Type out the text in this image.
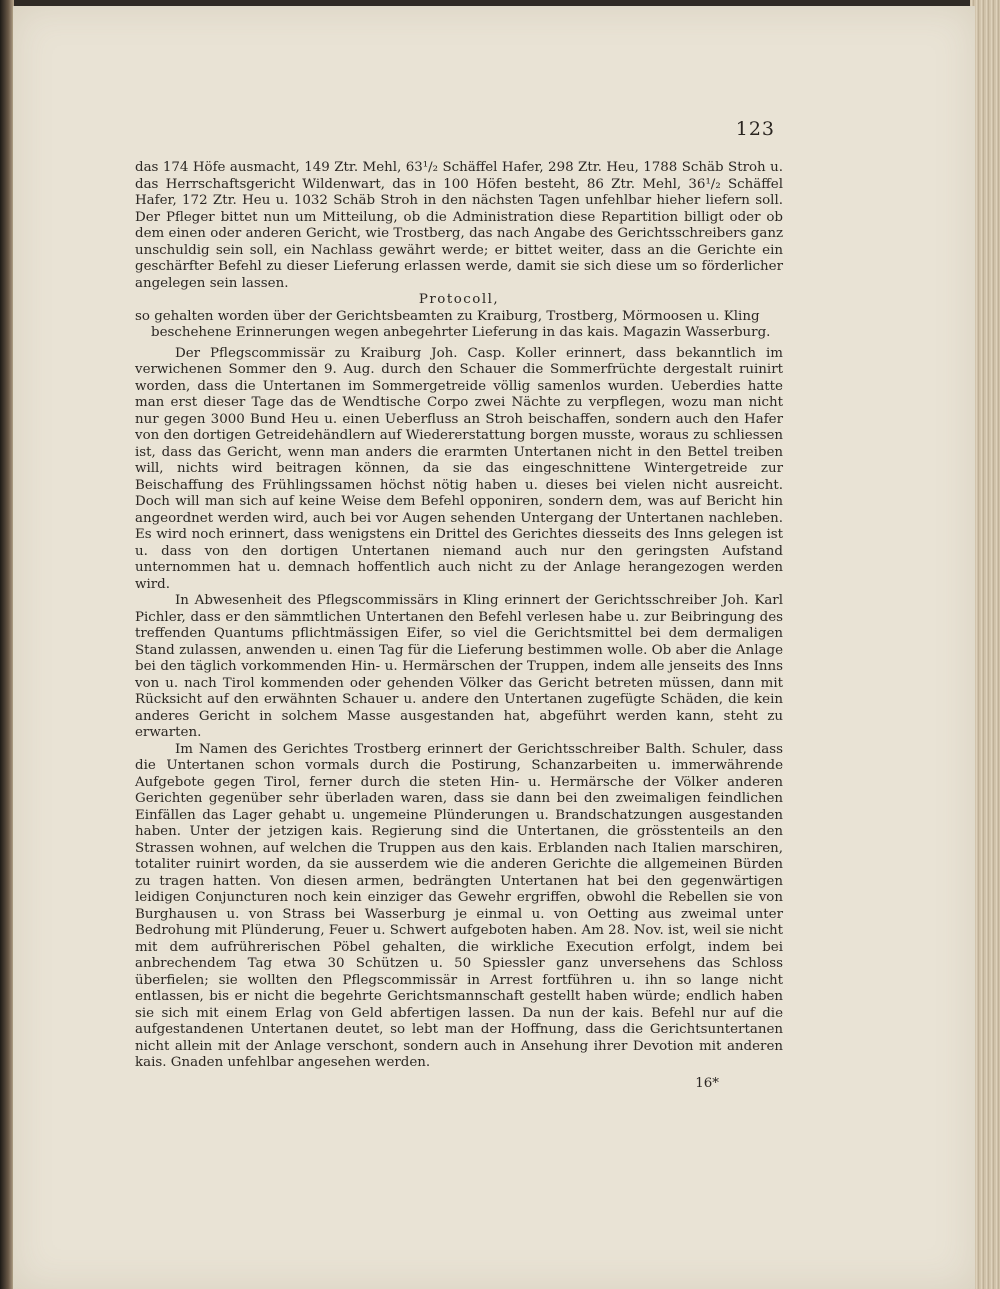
123

das 174 Höfe ausmacht, 149 Ztr. Mehl, 63¹/₂ Schäffel Hafer, 298 Ztr. Heu, 1788 Schäb Stroh u. das Herrschaftsgericht Wildenwart, das in 100 Höfen besteht, 86 Ztr. Mehl, 36¹/₂ Schäffel Hafer, 172 Ztr. Heu u. 1032 Schäb Stroh in den nächsten Tagen unfehlbar hieher liefern soll. Der Pfleger bittet nun um Mitteilung, ob die Administration diese Repartition billigt oder ob dem einen oder anderen Gericht, wie Trostberg, das nach Angabe des Gerichtsschreibers ganz unschuldig sein soll, ein Nachlass gewährt werde; er bittet weiter, dass an die Gerichte ein geschärfter Befehl zu dieser Lieferung erlassen werde, damit sie sich diese um so förderlicher angelegen sein lassen.

Protocoll,

so gehalten worden über der Gerichtsbeamten zu Kraiburg, Trostberg, Mörmoosen u. Kling
beschehene Erinnerungen wegen anbegehrter Lieferung in das kais. Magazin Wasserburg.

Der Pflegscommissär zu Kraiburg Joh. Casp. Koller erinnert, dass bekanntlich im verwichenen Sommer den 9. Aug. durch den Schauer die Sommerfrüchte dergestalt ruinirt worden, dass die Untertanen im Sommergetreide völlig samenlos wurden. Ueberdies hatte man erst dieser Tage das de Wendtische Corpo zwei Nächte zu verpflegen, wozu man nicht nur gegen 3000 Bund Heu u. einen Ueberfluss an Stroh beischaffen, sondern auch den Hafer von den dortigen Getreidehändlern auf Wiedererstattung borgen musste, woraus zu schliessen ist, dass das Gericht, wenn man anders die erarmten Untertanen nicht in den Bettel treiben will, nichts wird beitragen können, da sie das eingeschnittene Wintergetreide zur Beischaffung des Frühlingssamen höchst nötig haben u. dieses bei vielen nicht ausreicht. Doch will man sich auf keine Weise dem Befehl opponiren, sondern dem, was auf Bericht hin angeordnet werden wird, auch bei vor Augen sehenden Untergang der Untertanen nachleben. Es wird noch erinnert, dass wenigstens ein Drittel des Gerichtes diesseits des Inns gelegen ist u. dass von den dortigen Untertanen niemand auch nur den geringsten Aufstand unternommen hat u. demnach hoffentlich auch nicht zu der Anlage herangezogen werden wird.

In Abwesenheit des Pflegscommissärs in Kling erinnert der Gerichtsschreiber Joh. Karl Pichler, dass er den sämmtlichen Untertanen den Befehl verlesen habe u. zur Beibringung des treffenden Quantums pflichtmässigen Eifer, so viel die Gerichtsmittel bei dem dermaligen Stand zulassen, anwenden u. einen Tag für die Lieferung bestimmen wolle. Ob aber die Anlage bei den täglich vorkommenden Hin- u. Hermärschen der Truppen, indem alle jenseits des Inns von u. nach Tirol kommenden oder gehenden Völker das Gericht betreten müssen, dann mit Rücksicht auf den erwähnten Schauer u. andere den Untertanen zugefügte Schäden, die kein anderes Gericht in solchem Masse ausgestanden hat, abgeführt werden kann, steht zu erwarten.

Im Namen des Gerichtes Trostberg erinnert der Gerichtsschreiber Balth. Schuler, dass die Untertanen schon vormals durch die Postirung, Schanzarbeiten u. immerwährende Aufgebote gegen Tirol, ferner durch die steten Hin- u. Hermärsche der Völker anderen Gerichten gegenüber sehr überladen waren, dass sie dann bei den zweimaligen feindlichen Einfällen das Lager gehabt u. ungemeine Plünderungen u. Brandschatzungen ausgestanden haben. Unter der jetzigen kais. Regierung sind die Untertanen, die grösstenteils an den Strassen wohnen, auf welchen die Truppen aus den kais. Erblanden nach Italien marschiren, totaliter ruinirt worden, da sie ausserdem wie die anderen Gerichte die allgemeinen Bürden zu tragen hatten. Von diesen armen, bedrängten Untertanen hat bei den gegenwärtigen leidigen Conjuncturen noch kein einziger das Gewehr ergriffen, obwohl die Rebellen sie von Burghausen u. von Strass bei Wasserburg je einmal u. von Oetting aus zweimal unter Bedrohung mit Plünderung, Feuer u. Schwert aufgeboten haben. Am 28. Nov. ist, weil sie nicht mit dem aufrührerischen Pöbel gehalten, die wirkliche Execution erfolgt, indem bei anbrechendem Tag etwa 30 Schützen u. 50 Spiessler ganz unversehens das Schloss überfielen; sie wollten den Pflegscommissär in Arrest fortführen u. ihn so lange nicht entlassen, bis er nicht die begehrte Gerichtsmannschaft gestellt haben würde; endlich haben sie sich mit einem Erlag von Geld abfertigen lassen. Da nun der kais. Befehl nur auf die aufgestandenen Untertanen deutet, so lebt man der Hoffnung, dass die Gerichtsuntertanen nicht allein mit der Anlage verschont, sondern auch in Ansehung ihrer Devotion mit anderen kais. Gnaden unfehlbar angesehen werden.

16*
